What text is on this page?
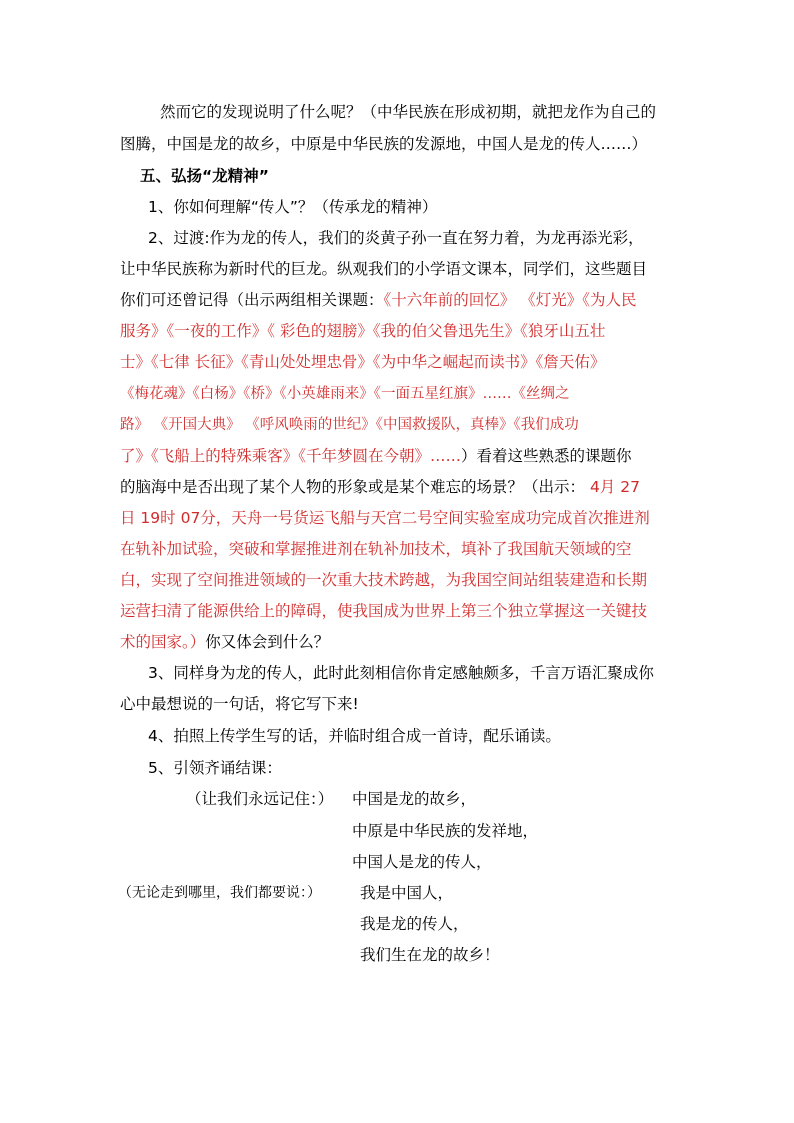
然而它的发现说明了什么呢？（中华民族在形成初期，就把龙作为自己的
图腾，中国是龙的故乡，中原是中华民族的发源地，中国人是龙的传人……）
五、弘扬“龙精神”
1、你如何理解“传人”？（传承龙的精神）
2、过渡:作为龙的传人，我们的炎黄子孙一直在努力着，为龙再添光彩，
让中华民族称为新时代的巨龙。纵观我们的小学语文课本，同学们，这些题目
你们可还曾记得（出示两组相关课题：《十六年前的回忆》 《灯光》《为人民
服务》《一夜的工作》《 彩色的翅膀》《我的伯父鲁迅先生》《狼牙山五壮
士》《七律 长征》《青山处处埋忠骨》《为中华之崛起而读书》《詹天佑》
《梅花魂》《白杨》《桥》《小英雄雨来》《一面五星红旗》……《丝绸之
路》 《开国大典》 《呼风唤雨的世纪》《中国救援队，真棒》《我们成功
了》《飞船上的特殊乘客》《千年梦圆在今朝》……）看着这些熟悉的课题你
的脑海中是否出现了某个人物的形象或是某个难忘的场景？（出示： 4月 27
日 19时 07分，天舟一号货运飞船与天宫二号空间实验室成功完成首次推进剂
在轨补加试验，突破和掌握推进剂在轨补加技术，填补了我国航天领域的空
白，实现了空间推进领域的一次重大技术跨越，为我国空间站组装建造和长期
运营扫清了能源供给上的障碍，使我国成为世界上第三个独立掌握这一关键技
术的国家。）你又体会到什么？
3、同样身为龙的传人，此时此刻相信你肯定感触颇多，千言万语汇聚成你
心中最想说的一句话，将它写下来!
4、拍照上传学生写的话，并临时组合成一首诗，配乐诵读。
5、引领齐诵结课：
（让我们永远记住：） 中国是龙的故乡，
中原是中华民族的发祥地，
中国人是龙的传人，
（无论走到哪里，我们都要说：）	我是中国人，
我是龙的传人，
我们生在龙的故乡！
